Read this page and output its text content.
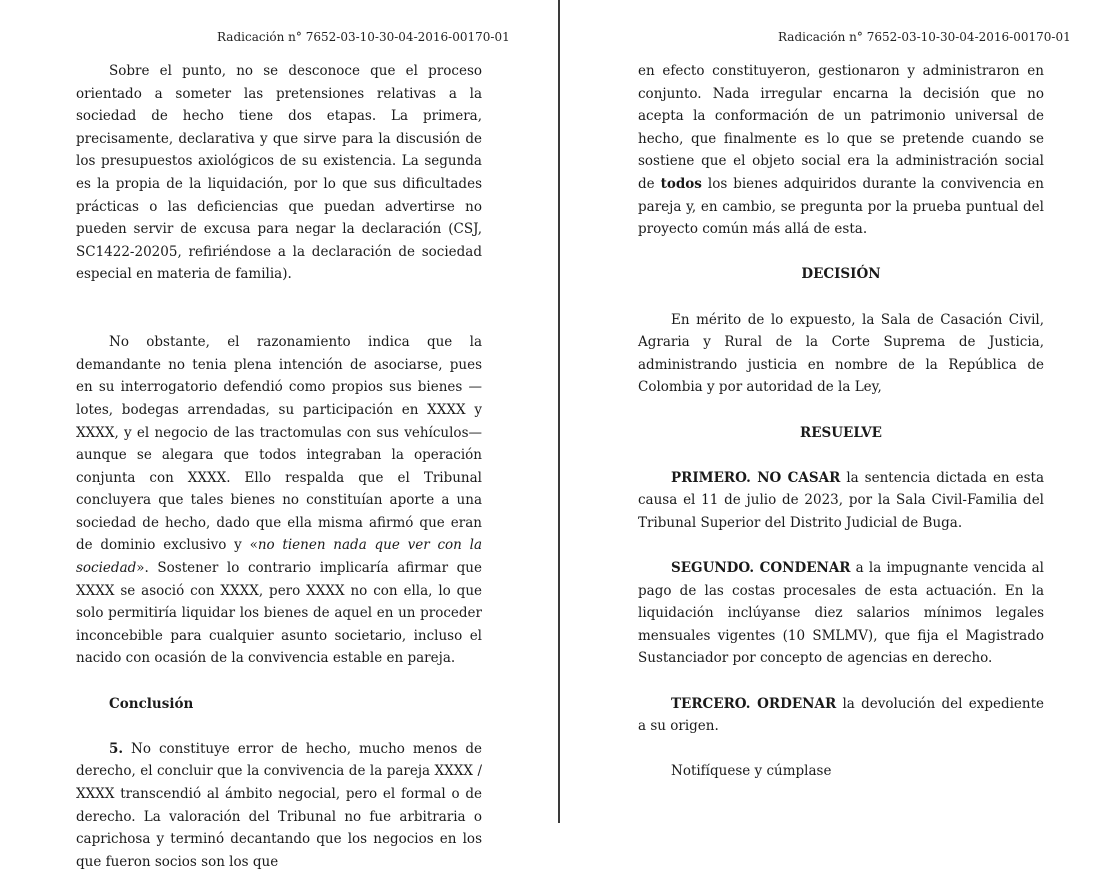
Radicación n° 7652-03-10-30-04-2016-00170-01

Sobre el punto, no se desconoce que el proceso orientado a someter las pretensiones relativas a la sociedad de hecho tiene dos etapas. La primera, precisamente, declarativa y que sirve para la discusión de los presupuestos axiológicos de su existencia. La segunda es la propia de la liquidación, por lo que sus dificultades prácticas o las deficiencias que puedan advertirse no pueden servir de excusa para negar la declaración (CSJ, SC1422-20205, refiriéndose a la declaración de sociedad especial en materia de familia).

No obstante, el razonamiento indica que la demandante no tenia plena intención de asociarse, pues en su interrogatorio defendió como propios sus bienes —lotes, bodegas arrendadas, su participación en XXXX y XXXX, y el negocio de las tractomulas con sus vehículos— aunque se alegara que todos integraban la operación conjunta con XXXX. Ello respalda que el Tribunal concluyera que tales bienes no constituían aporte a una sociedad de hecho, dado que ella misma afirmó que eran de dominio exclusivo y «no tienen nada que ver con la sociedad». Sostener lo contrario implicaría afirmar que XXXX se asoció con XXXX, pero XXXX no con ella, lo que solo permitiría liquidar los bienes de aquel en un proceder inconcebible para cualquier asunto societario, incluso el nacido con ocasión de la convivencia estable en pareja.

Conclusión

5. No constituye error de hecho, mucho menos de derecho, el concluir que la convivencia de la pareja XXXX / XXXX transcendió al ámbito negocial, pero el formal o de derecho. La valoración del Tribunal no fue arbitraria o caprichosa y terminó decantando que los negocios en los que fueron socios son los que

Radicación n° 7652-03-10-30-04-2016-00170-01

en efecto constituyeron, gestionaron y administraron en conjunto. Nada irregular encarna la decisión que no acepta la conformación de un patrimonio universal de hecho, que finalmente es lo que se pretende cuando se sostiene que el objeto social era la administración social de todos los bienes adquiridos durante la convivencia en pareja y, en cambio, se pregunta por la prueba puntual del proyecto común más allá de esta.

DECISIÓN

En mérito de lo expuesto, la Sala de Casación Civil, Agraria y Rural de la Corte Suprema de Justicia, administrando justicia en nombre de la República de Colombia y por autoridad de la Ley,

RESUELVE

PRIMERO. NO CASAR la sentencia dictada en esta causa el 11 de julio de 2023, por la Sala Civil-Familia del Tribunal Superior del Distrito Judicial de Buga.

SEGUNDO. CONDENAR a la impugnante vencida al pago de las costas procesales de esta actuación. En la liquidación inclúyanse diez salarios mínimos legales mensuales vigentes (10 SMLMV), que fija el Magistrado Sustanciador por concepto de agencias en derecho.

TERCERO. ORDENAR la devolución del expediente a su origen.

Notifíquese y cúmplase
